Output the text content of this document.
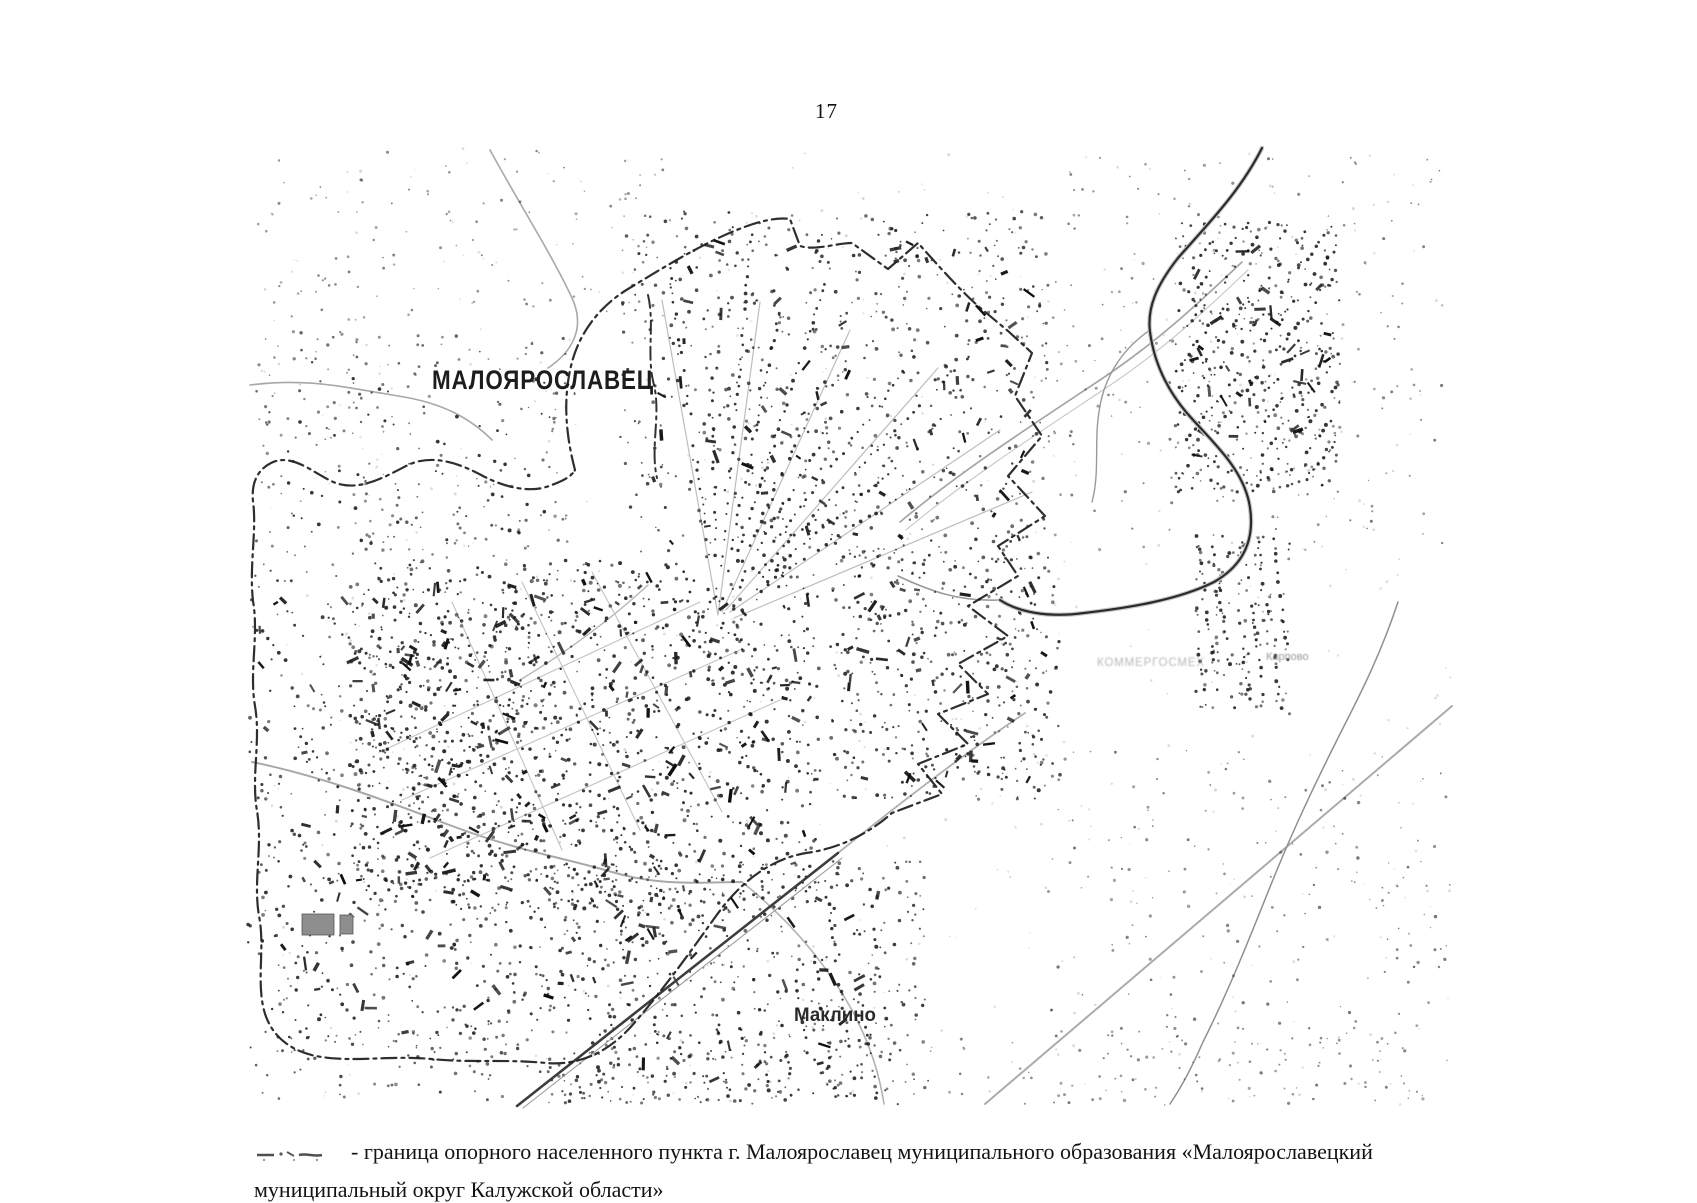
17
МАЛОЯРОСЛАВЕЦ
Маклино
Карпово
КОММЕРГОСМЕХ
- граница опорного населенного пункта г. Малоярославец муниципального образования «Малоярославецкий
муниципальный округ Калужской области»
